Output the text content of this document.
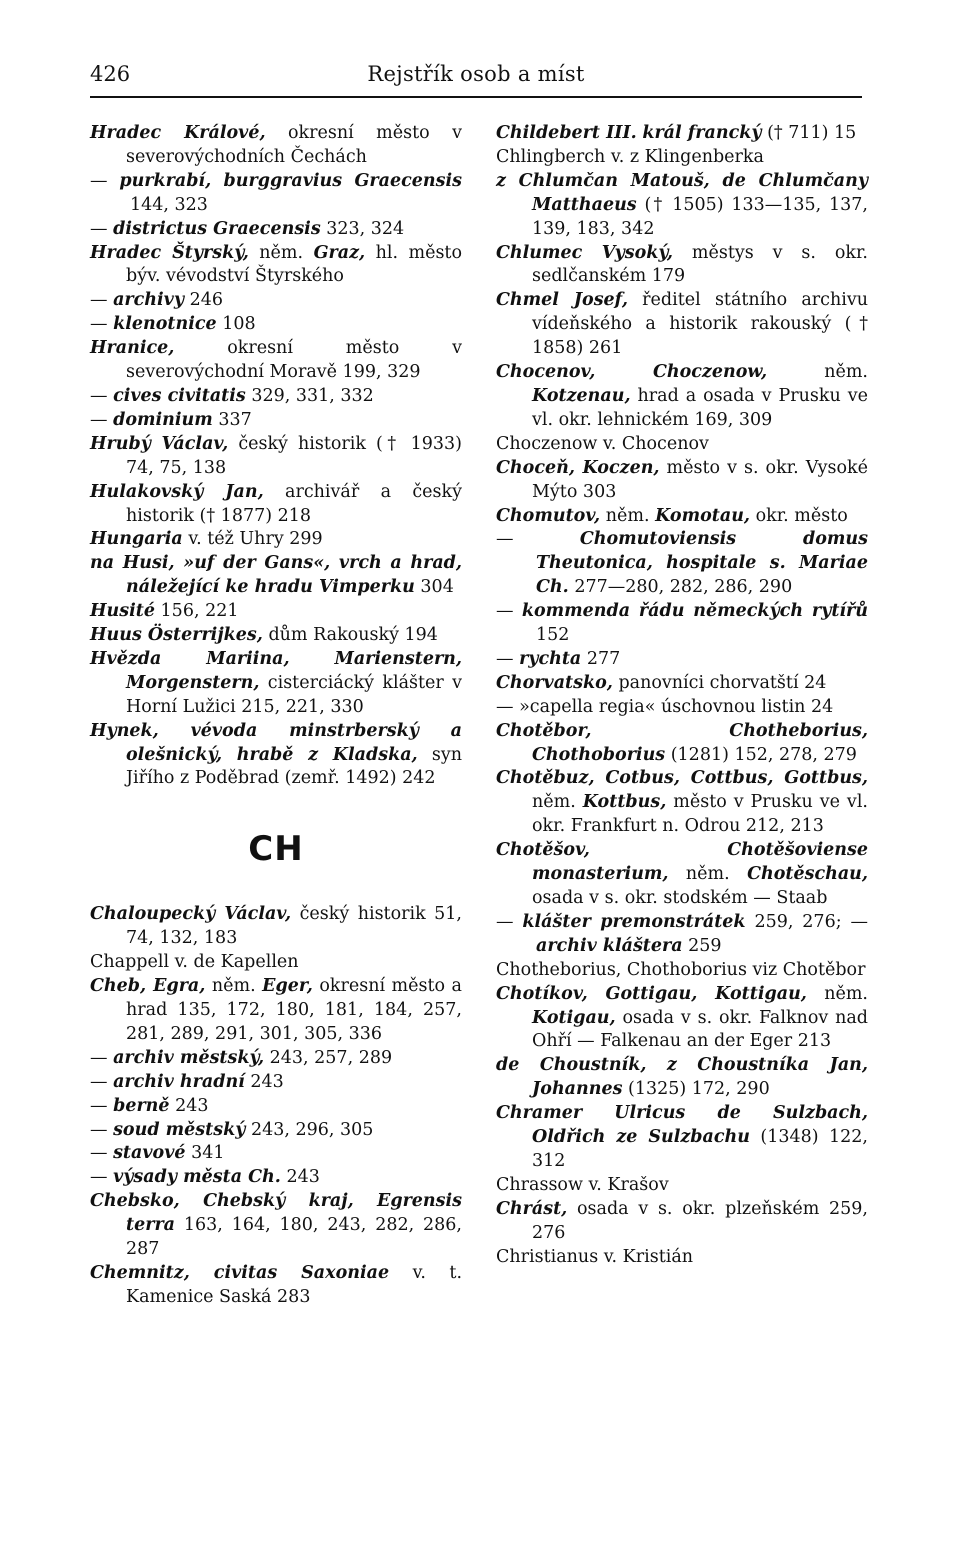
426	Rejstřík osob a míst

Hradec Králové, okresní město v severovýchodních Čechách

— purkrabí, burggravius Graecensis 144, 323

— districtus Graecensis 323, 324

Hradec Štyrský, něm. Graz, hl. město býv. vévodství Štyrského

— archivy 246

— klenotnice 108

Hranice, okresní město v severovýchodní Moravě 199, 329

— cives civitatis 329, 331, 332

— dominium 337

Hrubý Václav, český historik († 1933) 74, 75, 138

Hulakovský Jan, archivář a český historik († 1877) 218

Hungaria v. též Uhry 299

na Husi, »uf der Gans«, vrch a hrad, náležející ke hradu Vimperku 304

Husité 156, 221

Huus Österrijkes, dům Rakouský 194

Hvězda Mariina, Marienstern, Morgenstern, cisterciácký klášter v Horní Lužici 215, 221, 330

Hynek, vévoda minstrberský a olešnický, hrabě z Kladska, syn Jiřího z Poděbrad (zemř. 1492) 242

CH

Chaloupecký Václav, český historik 51, 74, 132, 183

Chappell v. de Kapellen

Cheb, Egra, něm. Eger, okresní město a hrad 135, 172, 180, 181, 184, 257, 281, 289, 291, 301, 305, 336

— archiv městský, 243, 257, 289

— archiv hradní 243

— berně 243

— soud městský 243, 296, 305

— stavové 341

— výsady města Ch. 243

Chebsko, Chebský kraj, Egrensis terra 163, 164, 180, 243, 282, 286, 287

Chemnitz, civitas Saxoniae v. t. Kamenice Saská 283

Childebert III. král francký († 711) 15

Chlingberch v. z Klingenberka

z Chlumčan Matouš, de Chlumčany Matthaeus († 1505) 133—135, 137, 139, 183, 342

Chlumec Vysoký, městys v s. okr. sedlčanském 179

Chmel Josef, ředitel státního archivu vídeňského a historik rakouský († 1858) 261

Chocenov, Choczenow, něm. Kotzenau, hrad a osada v Prusku ve vl. okr. lehnickém 169, 309

Choczenow v. Chocenov

Choceň, Koczen, město v s. okr. Vysoké Mýto 303

Chomutov, něm. Komotau, okr. město

— Chomutoviensis domus Theutonica, hospitale s. Mariae Ch. 277—280, 282, 286, 290

— kommenda řádu německých rytířů 152

— rychta 277

Chorvatsko, panovníci chorvatští 24

— »capella regia« úschovnou listin 24

Chotěbor, Chotheborius, Chothoborius (1281) 152, 278, 279

Chotěbuz, Cotbus, Cottbus, Gottbus, něm. Kottbus, město v Prusku ve vl. okr. Frankfurt n. Odrou 212, 213

Chotěšov, Chotěšoviense monasterium, něm. Chotěschau, osada v s. okr. stodském — Staab

— klášter premonstrátek 259, 276; — archiv kláštera 259

Chotheborius, Chothoborius viz Chotěbor

Chotíkov, Gottigau, Kottigau, něm. Kotigau, osada v s. okr. Falknov nad Ohří — Falkenau an der Eger 213

de Choustník, z Choustníka Jan, Johannes (1325) 172, 290

Chramer Ulricus de Sulzbach, Oldřich ze Sulzbachu (1348) 122, 312

Chrassow v. Krašov

Chrást, osada v s. okr. plzeňském 259, 276

Christianus v. Kristián
